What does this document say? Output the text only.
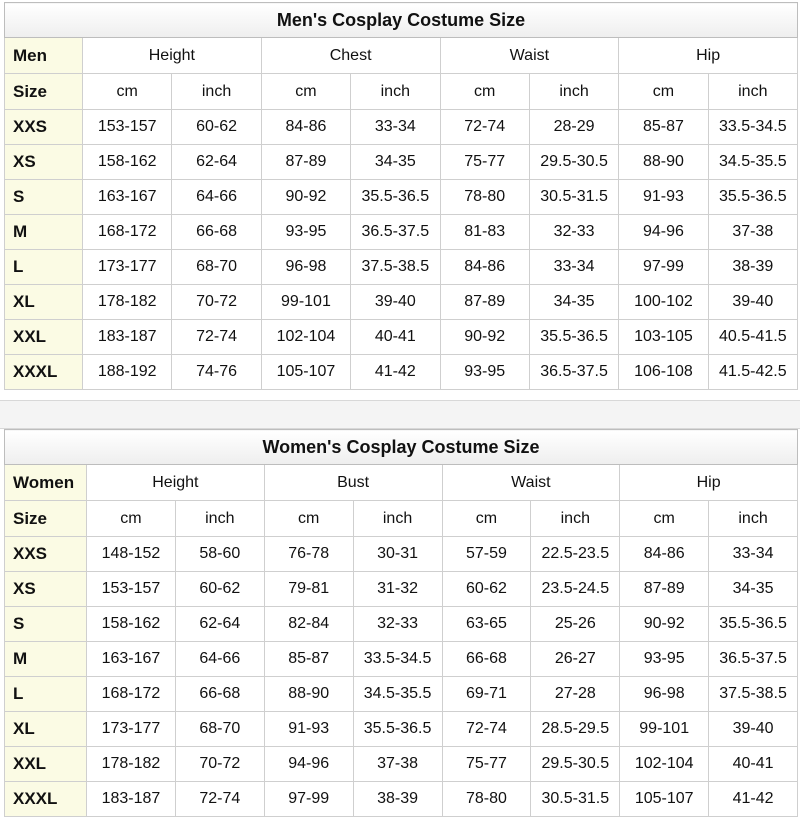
Men's Cosplay Costume Size								
Men	Height		Chest		Waist		Hip	
Size	cm	inch	cm	inch	cm	inch	cm	inch
XXS	153-157	60-62	84-86	33-34	72-74	28-29	85-87	33.5-34.5
XS	158-162	62-64	87-89	34-35	75-77	29.5-30.5	88-90	34.5-35.5
S	163-167	64-66	90-92	35.5-36.5	78-80	30.5-31.5	91-93	35.5-36.5
M	168-172	66-68	93-95	36.5-37.5	81-83	32-33	94-96	37-38
L	173-177	68-70	96-98	37.5-38.5	84-86	33-34	97-99	38-39
XL	178-182	70-72	99-101	39-40	87-89	34-35	100-102	39-40
XXL	183-187	72-74	102-104	40-41	90-92	35.5-36.5	103-105	40.5-41.5
XXXL	188-192	74-76	105-107	41-42	93-95	36.5-37.5	106-108	41.5-42.5
Women's Cosplay Costume Size								
Women	Height		Bust		Waist		Hip	
Size	cm	inch	cm	inch	cm	inch	cm	inch
XXS	148-152	58-60	76-78	30-31	57-59	22.5-23.5	84-86	33-34
XS	153-157	60-62	79-81	31-32	60-62	23.5-24.5	87-89	34-35
S	158-162	62-64	82-84	32-33	63-65	25-26	90-92	35.5-36.5
M	163-167	64-66	85-87	33.5-34.5	66-68	26-27	93-95	36.5-37.5
L	168-172	66-68	88-90	34.5-35.5	69-71	27-28	96-98	37.5-38.5
XL	173-177	68-70	91-93	35.5-36.5	72-74	28.5-29.5	99-101	39-40
XXL	178-182	70-72	94-96	37-38	75-77	29.5-30.5	102-104	40-41
XXXL	183-187	72-74	97-99	38-39	78-80	30.5-31.5	105-107	41-42
